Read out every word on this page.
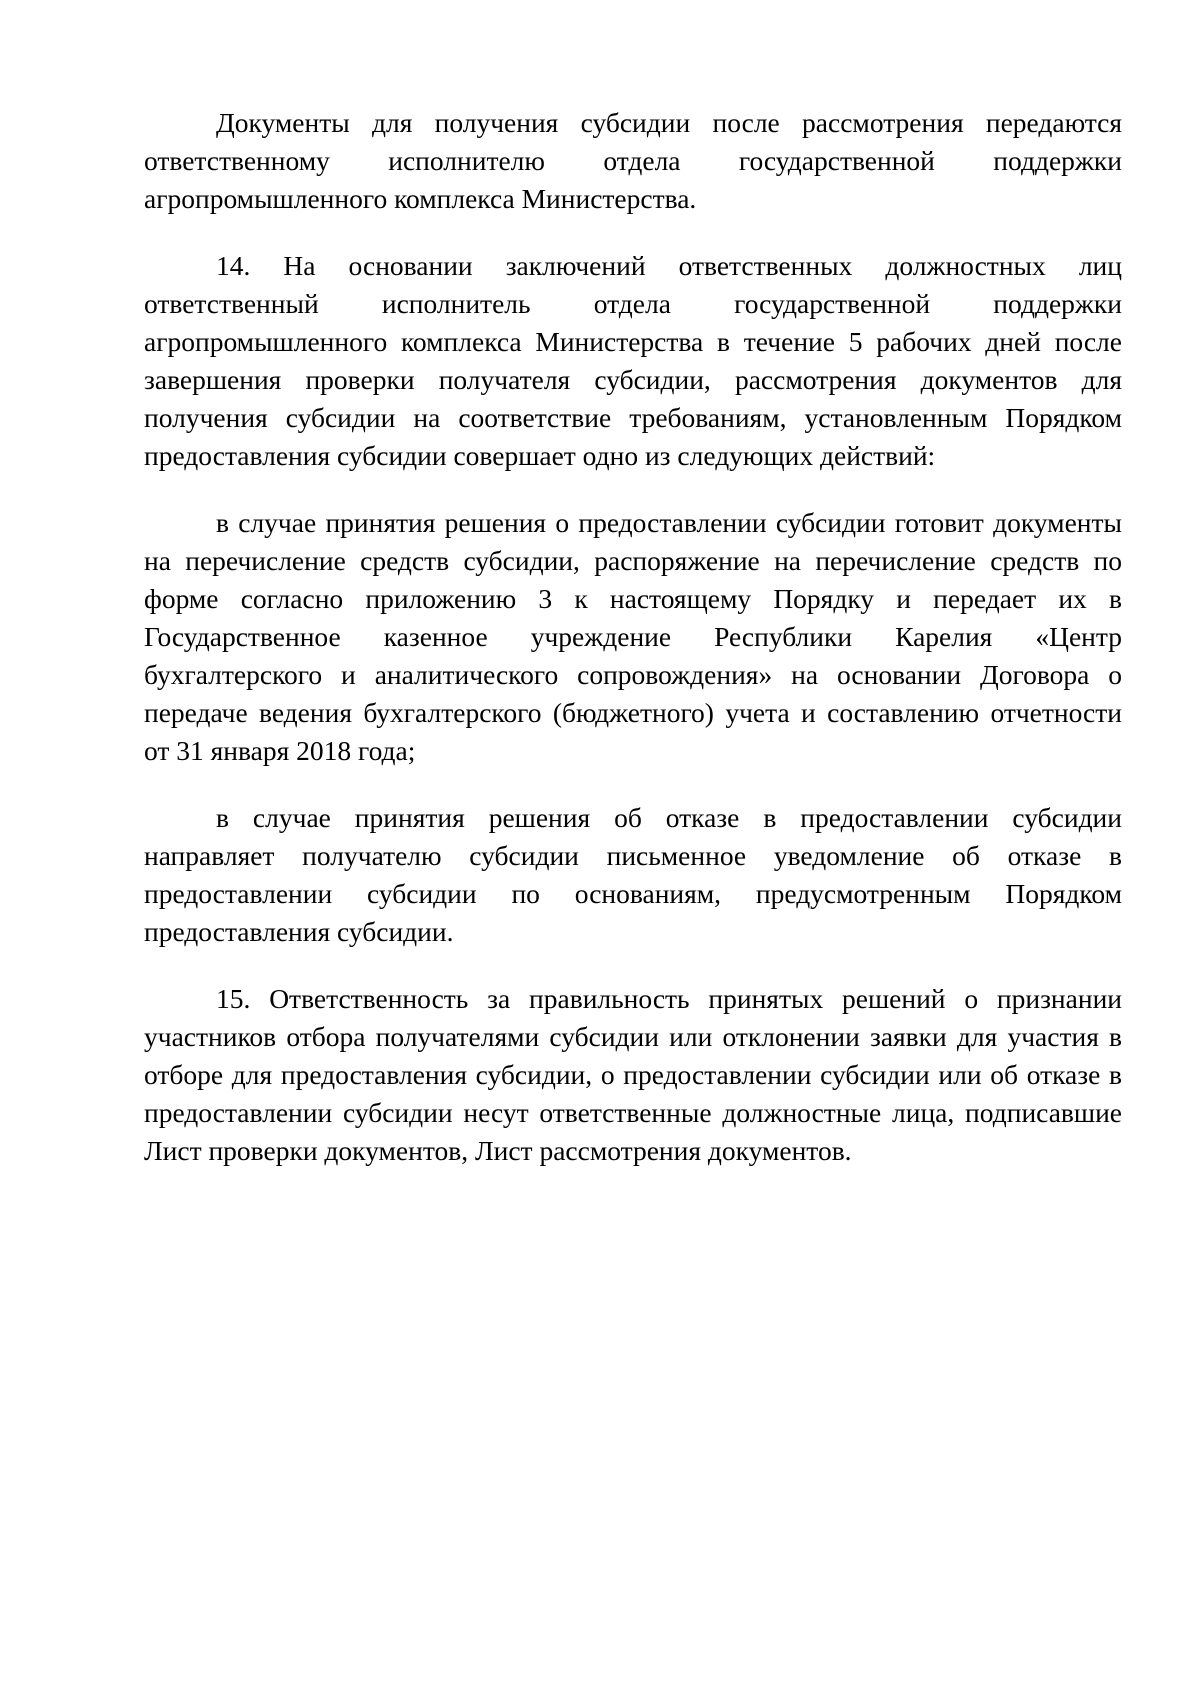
Документы для получения субсидии после рассмотрения передаются ответственному исполнителю отдела государственной поддержки агропромышленного комплекса Министерства.

14. На основании заключений ответственных должностных лиц ответственный исполнитель отдела государственной поддержки агропромышленного комплекса Министерства в течение 5 рабочих дней после завершения проверки получателя субсидии, рассмотрения документов для получения субсидии на соответствие требованиям, установленным Порядком предоставления субсидии совершает одно из следующих действий:

в случае принятия решения о предоставлении субсидии готовит документы на перечисление средств субсидии, распоряжение на перечисление средств по форме согласно приложению 3 к настоящему Порядку и передает их в Государственное казенное учреждение Республики Карелия «Центр бухгалтерского и аналитического сопровождения» на основании Договора о передаче ведения бухгалтерского (бюджетного) учета и составлению отчетности от 31 января 2018 года;

в случае принятия решения об отказе в предоставлении субсидии направляет получателю субсидии письменное уведомление об отказе в предоставлении субсидии по основаниям, предусмотренным Порядком предоставления субсидии.

15. Ответственность за правильность принятых решений о признании участников отбора получателями субсидии или отклонении заявки для участия в отборе для предоставления субсидии, о предоставлении субсидии или об отказе в предоставлении субсидии несут ответственные должностные лица, подписавшие Лист проверки документов, Лист рассмотрения документов.
